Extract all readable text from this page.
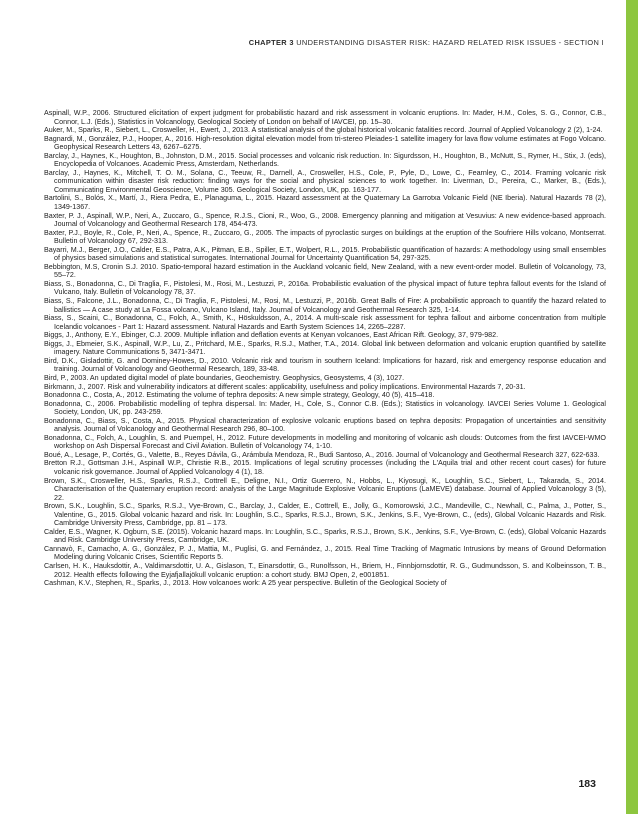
CHAPTER 3 UNDERSTANDING DISASTER RISK: HAZARD RELATED RISK ISSUES - SECTION I

Aspinall, W.P., 2006. Structured elicitation of expert judgment for probabilistic hazard and risk assessment in volcanic eruptions. In: Mader, H.M., Coles, S. G., Connor, C.B., Connor, L.J. (Eds.), Statistics in Volcanology, Geological Society of London on behalf of IAVCEI, pp. 15–30.

Auker, M., Sparks, R., Siebert, L., Crosweller, H., Ewert, J., 2013. A statistical analysis of the global historical volcanic fatalities record. Journal of Applied Volcanology 2 (2), 1-24.

Bagnardi, M., González, P.J., Hooper, A., 2016. High-resolution digital elevation model from tri-stereo Pleiades-1 satellite imagery for lava flow volume estimates at Fogo Volcano. Geophysical Research Letters 43, 6267–6275.

Barclay, J., Haynes, K., Houghton, B., Johnston, D.M., 2015. Social processes and volcanic risk reduction. In: Sigurdsson, H., Houghton, B., McNutt, S., Rymer, H., Stix, J. (eds), Encyclopedia of Volcanoes. Academic Press, Amsterdam, Netherlands.

Barclay, J., Haynes, K., Mitchell, T. O. M., Solana, C., Teeuw, R., Darnell, A., Crosweller, H.S., Cole, P., Pyle, D., Lowe, C., Fearnley, C., 2014. Framing volcanic risk communication within disaster risk reduction: finding ways for the social and physical sciences to work together. In: Liverman, D., Pereira, C., Marker, B., (Eds.), Communicating Environmental Geoscience, Volume 305. Geological Society, London, UK, pp. 163-177.

Bartolini, S., Bolós, X., Martí, J., Riera Pedra, E., Planaguma, L., 2015. Hazard assessment at the Quaternary La Garrotxa Volcanic Field (NE Iberia). Natural Hazards 78 (2), 1349-1367.

Baxter, P. J., Aspinall, W.P., Neri, A., Zuccaro, G., Spence, R.J.S., Cioni, R., Woo, G., 2008. Emergency planning and mitigation at Vesuvius: A new evidence-based approach. Journal of Volcanology and Geothermal Research 178, 454-473.

Baxter, P.J., Boyle, R., Cole, P., Neri, A., Spence, R., Zuccaro, G., 2005. The impacts of pyroclastic surges on buildings at the eruption of the Soufriere Hills volcano, Montserrat. Bulletin of Volcanology 67, 292-313.

Bayarri, M.J., Berger, J.O., Calder, E.S., Patra, A.K., Pitman, E.B., Spiller, E.T., Wolpert, R.L., 2015. Probabilistic quantification of hazards: A methodology using small ensembles of physics based simulations and statistical surrogates. International Journal for Uncertainty Quantification 54, 297-325.

Bebbington, M.S, Cronin S.J. 2010. Spatio-temporal hazard estimation in the Auckland volcanic field, New Zealand, with a new event-order model. Bulletin of Volcanology, 73, 55–72.

Biass, S., Bonadonna, C., Di Traglia, F., Pistolesi, M., Rosi, M., Lestuzzi, P., 2016a. Probabilistic evaluation of the physical impact of future tephra fallout events for the Island of Vulcano, Italy. Bulletin of Volcanology 78, 37.

Biass, S., Falcone, J.L., Bonadonna, C., Di Traglia, F., Pistolesi, M., Rosi, M., Lestuzzi, P., 2016b. Great Balls of Fire: A probabilistic approach to quantify the hazard related to ballistics — A case study at La Fossa volcano, Vulcano Island, Italy. Journal of Volcanology and Geothermal Research 325, 1-14.

Biass, S., Scaini, C., Bonadonna, C., Folch, A., Smith, K., Höskuldsson, A., 2014. A multi-scale risk assessment for tephra fallout and airborne concentration from multiple Icelandic volcanoes - Part 1: Hazard assessment. Natural Hazards and Earth System Sciences 14, 2265–2287.

Biggs, J., Anthony, E.Y., Ebinger, C.J. 2009. Multiple inflation and deflation events at Kenyan volcanoes, East African Rift. Geology, 37, 979-982.

Biggs, J., Ebmeier, S.K., Aspinall, W.P., Lu, Z., Pritchard, M.E., Sparks, R.S.J., Mather, T.A., 2014. Global link between deformation and volcanic eruption quantified by satellite imagery. Nature Communications 5, 3471-3471.

Bird, D.K., Gisladottir, G. and Dominey-Howes, D., 2010. Volcanic risk and tourism in southern Iceland: Implications for hazard, risk and emergency response education and training. Journal of Volcanology and Geothermal Research, 189, 33-48.

Bird, P., 2003. An updated digital model of plate boundaries, Geochemistry. Geophysics, Geosystems, 4 (3), 1027.

Birkmann, J., 2007. Risk and vulnerability indicators at different scales: applicability, usefulness and policy implications. Environmental Hazards 7, 20-31.

Bonadonna C., Costa, A., 2012. Estimating the volume of tephra deposits: A new simple strategy, Geology, 40 (5), 415–418.

Bonadonna, C., 2006. Probabilistic modelling of tephra dispersal. In: Mader, H., Cole, S., Connor C.B. (Eds.); Statistics in volcanology. IAVCEI Series Volume 1. Geological Society, London, UK, pp. 243-259.

Bonadonna, C., Biass, S., Costa, A., 2015. Physical characterization of explosive volcanic eruptions based on tephra deposits: Propagation of uncertainties and sensitivity analysis. Journal of Volcanology and Geothermal Research 296, 80–100.

Bonadonna, C., Folch, A., Loughlin, S. and Puempel, H., 2012. Future developments in modelling and monitoring of volcanic ash clouds: Outcomes from the first IAVCEI-WMO workshop on Ash Dispersal Forecast and Civil Aviation. Bulletin of Volcanology 74, 1-10.

Boué, A., Lesage, P., Cortés, G., Valette, B., Reyes Dávila, G., Arámbula Mendoza, R., Budi Santoso, A., 2016. Journal of Volcanology and Geothermal Research 327, 622-633.

Bretton R.J., Gottsman J.H., Aspinall W.P., Christie R.B., 2015. Implications of legal scrutiny processes (including the L'Aquila trial and other recent court cases) for future volcanic risk governance. Journal of Applied Volcanology 4 (1), 18.

Brown, S.K., Crosweller, H.S., Sparks, R.S.J., Cottrell E., Deligne, N.I., Ortiz Guerrero, N., Hobbs, L., Kiyosugi, K., Loughlin, S.C., Siebert, L., Takarada, S., 2014. Characterisation of the Quaternary eruption record: analysis of the Large Magnitude Explosive Volcanic Eruptions (LaMEVE) database. Journal of Applied Volcanology 3 (5), 22.

Brown, S.K., Loughlin, S.C., Sparks, R.S.J., Vye-Brown, C., Barclay, J., Calder, E., Cottrell, E., Jolly, G., Komorowski, J.C., Mandeville, C., Newhall, C., Palma, J., Potter, S., Valentine, G., 2015. Global volcanic hazard and risk. In: Loughlin, S.C., Sparks, R.S.J., Brown, S.K., Jenkins, S.F., Vye-Brown, C., (eds), Global Volcanic Hazards and Risk. Cambridge University Press, Cambridge, pp. 81 – 173.

Calder, E.S., Wagner, K. Ogburn, S.E. (2015). Volcanic hazard maps. In: Loughlin, S.C., Sparks, R.S.J., Brown, S.K., Jenkins, S.F., Vye-Brown, C. (eds), Global Volcanic Hazards and Risk. Cambridge University Press, Cambridge, UK.

Cannavò, F., Camacho, A. G., González, P. J., Mattia, M., Puglisi, G. and Fernández, J., 2015. Real Time Tracking of Magmatic Intrusions by means of Ground Deformation Modeling during Volcanic Crises, Scientific Reports 5.

Carlsen, H. K., Hauksdottir, A., Valdimarsdottir, U. A., Gislason, T., Einarsdottir, G., Runolfsson, H., Briem, H., Finnbjornsdottir, R. G., Gudmundsson, S. and Kolbeinsson, T. B., 2012. Health effects following the Eyjafjallajökull volcanic eruption: a cohort study. BMJ Open, 2, e001851.

Cashman, K.V., Stephen, R., Sparks, J., 2013. How volcanoes work: A 25 year perspective. Bulletin of the Geological Society of

183
